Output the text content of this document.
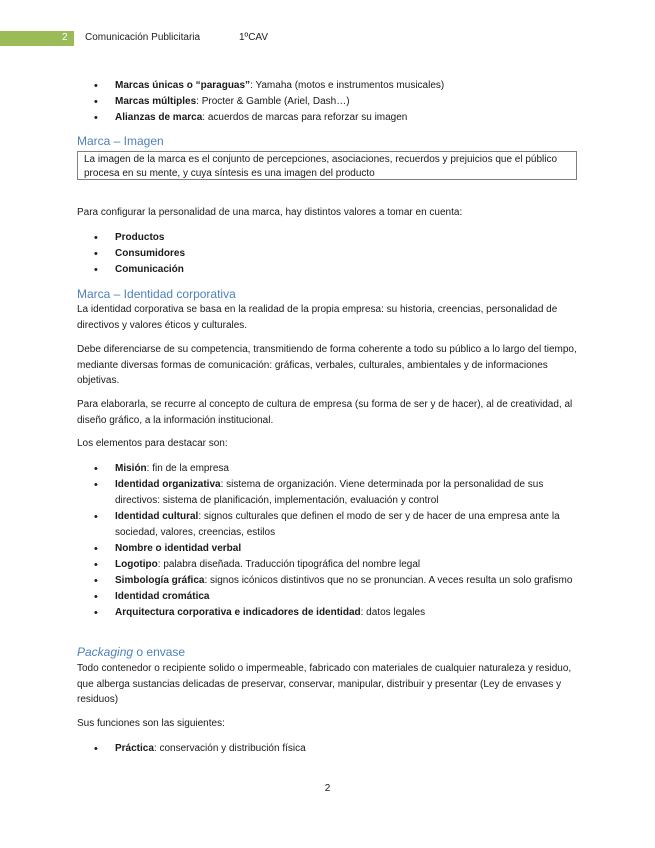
2 Comunicación Publicitaria	1ºCAV
• Marcas únicas o “paraguas”: Yamaha (motos e instrumentos musicales)
• Marcas múltiples: Procter & Gamble (Ariel, Dash…)
• Alianzas de marca: acuerdos de marcas para reforzar su imagen
Marca – Imagen
La imagen de la marca es el conjunto de percepciones, asociaciones, recuerdos y prejuicios que el público procesa en su mente, y cuya síntesis es una imagen del producto

Para configurar la personalidad de una marca, hay distintos valores a tomar en cuenta:

• Productos
• Consumidores
• Comunicación
Marca – Identidad corporativa

La identidad corporativa se basa en la realidad de la propia empresa: su historia, creencias, personalidad de directivos y valores éticos y culturales.

Debe diferenciarse de su competencia, transmitiendo de forma coherente a todo su público a lo largo del tiempo, mediante diversas formas de comunicación: gráficas, verbales, culturales, ambientales y de informaciones objetivas.

Para elaborarla, se recurre al concepto de cultura de empresa (su forma de ser y de hacer), al de creatividad, al diseño gráfico, a la información institucional.

Los elementos para destacar son:

• Misión: fin de la empresa
• Identidad organizativa: sistema de organización. Viene determinada por la personalidad de sus directivos: sistema de planificación, implementación, evaluación y control
• Identidad cultural: signos culturales que definen el modo de ser y de hacer de una empresa ante la sociedad, valores, creencias, estilos
• Nombre o identidad verbal
• Logotipo: palabra diseñada. Traducción tipográfica del nombre legal
• Simbología gráfica: signos icónicos distintivos que no se pronuncian. A veces resulta un solo grafismo
• Identidad cromática
• Arquitectura corporativa e indicadores de identidad: datos legales
Packaging o envase

Todo contenedor o recipiente solido o impermeable, fabricado con materiales de cualquier naturaleza y residuo, que alberga sustancias delicadas de preservar, conservar, manipular, distribuir y presentar (Ley de envases y residuos)

Sus funciones son las siguientes:

• Práctica: conservación y distribución física
2
